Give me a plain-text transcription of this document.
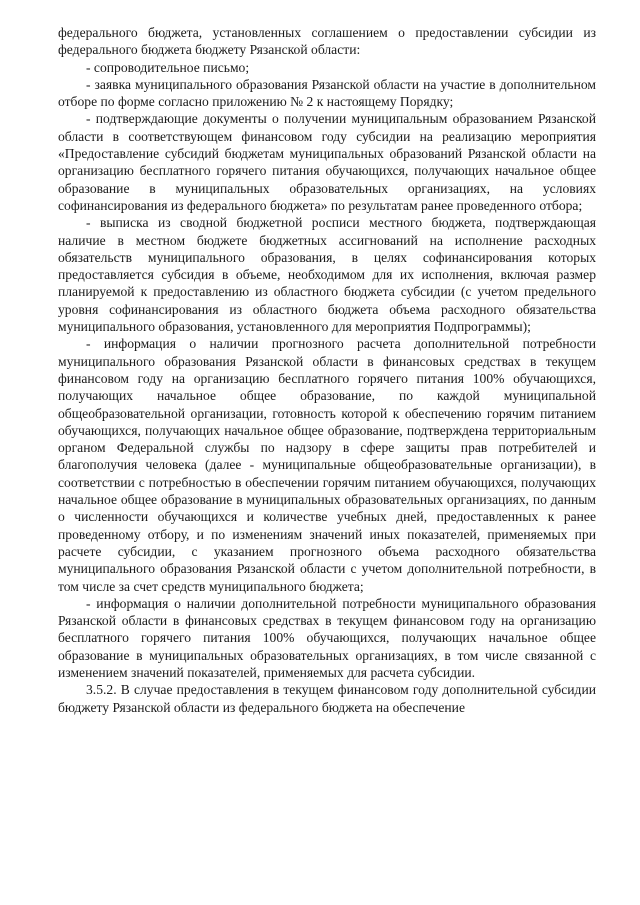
федерального бюджета, установленных соглашением о предоставлении субсидии из федерального бюджета бюджету Рязанской области:

- сопроводительное письмо;

- заявка муниципального образования Рязанской области на участие в дополнительном отборе по форме согласно приложению № 2 к настоящему Порядку;

- подтверждающие документы о получении муниципальным образованием Рязанской области в соответствующем финансовом году субсидии на реализацию мероприятия «Предоставление субсидий бюджетам муниципальных образований Рязанской области на организацию бесплатного горячего питания обучающихся, получающих начальное общее образование в муниципальных образовательных организациях, на условиях софинансирования из федерального бюджета» по результатам ранее проведенного отбора;

- выписка из сводной бюджетной росписи местного бюджета, подтверждающая наличие в местном бюджете бюджетных ассигнований на исполнение расходных обязательств муниципального образования, в целях софинансирования которых предоставляется субсидия в объеме, необходимом для их исполнения, включая размер планируемой к предоставлению из областного бюджета субсидии (с учетом предельного уровня софинансирования из областного бюджета объема расходного обязательства муниципального образования, установленного для мероприятия Подпрограммы);

- информация о наличии прогнозного расчета дополнительной потребности муниципального образования Рязанской области в финансовых средствах в текущем финансовом году на организацию бесплатного горячего питания 100% обучающихся, получающих начальное общее образование, по каждой муниципальной общеобразовательной организации, готовность которой к обеспечению горячим питанием обучающихся, получающих начальное общее образование, подтверждена территориальным органом Федеральной службы по надзору в сфере защиты прав потребителей и благополучия человека (далее - муниципальные общеобразовательные организации), в соответствии с потребностью в обеспечении горячим питанием обучающихся, получающих начальное общее образование в муниципальных образовательных организациях, по данным о численности обучающихся и количестве учебных дней, предоставленных к ранее проведенному отбору, и по изменениям значений иных показателей, применяемых при расчете субсидии, с указанием прогнозного объема расходного обязательства муниципального образования Рязанской области с учетом дополнительной потребности, в том числе за счет средств муниципального бюджета;

- информация о наличии дополнительной потребности муниципального образования Рязанской области в финансовых средствах в текущем финансовом году на организацию бесплатного горячего питания 100% обучающихся, получающих начальное общее образование в муниципальных образовательных организациях, в том числе связанной с изменением значений показателей, применяемых для расчета субсидии.

3.5.2. В случае предоставления в текущем финансовом году дополнительной субсидии бюджету Рязанской области из федерального бюджета на обеспечение
